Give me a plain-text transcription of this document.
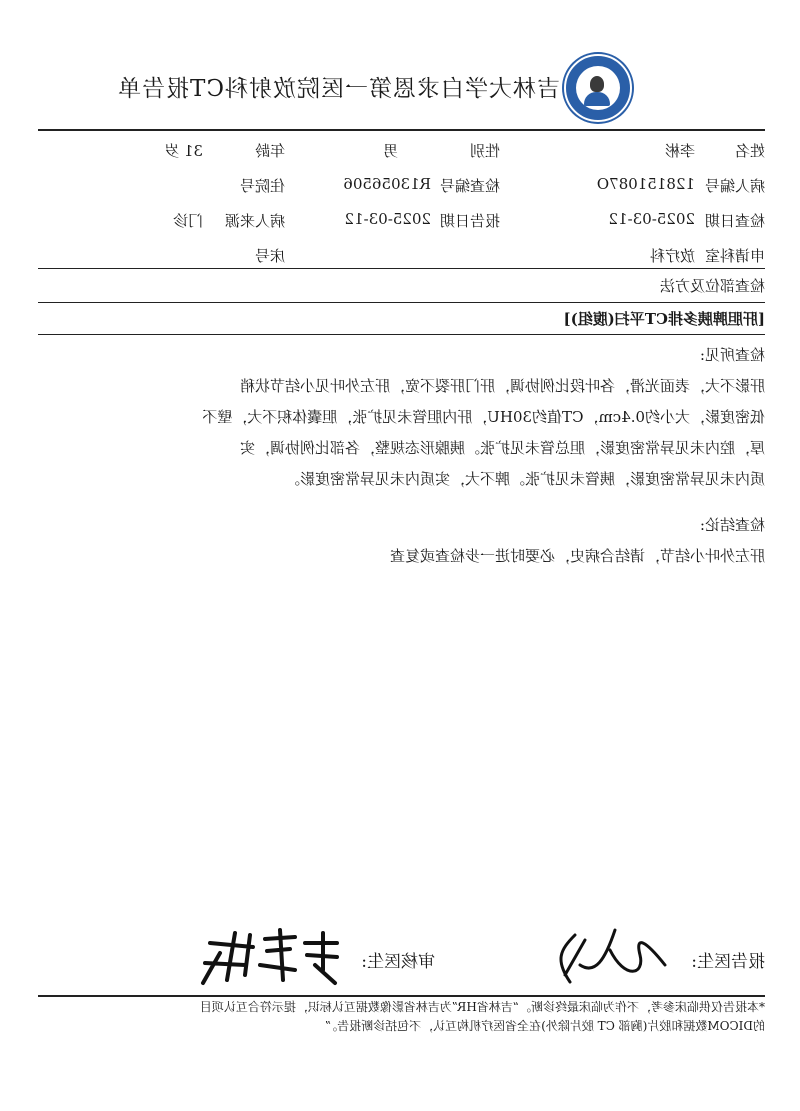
吉林大学白求恩第一医院放射科CT报告单
姓名
李彬
性别
男
年龄
31 岁
病人编号
128151087O
检查编号
R13056506
住院号
检查日期
2025-03-12
报告日期
2025-03-12
病人来源
门诊
申请科室
放疗科
床号
检查部位及方法
[肝胆脾胰多排CT平扫(腹组)]
检查所见:
肝影不大，表面光滑，各叶段比例协调，肝门肝裂不宽，肝左外叶见小结节状稍
低密度影，大小约0.4cm，CT值约30HU，肝内胆管未见扩张，胆囊体积不大，壁不
厚，腔内未见异常密度影，胆总管未见扩张。胰腺形态规整，各部比例协调，实
质内未见异常密度影，胰管未见扩张。脾不大，实质内未见异常密度影。
检查结论:
肝左外叶小结节，请结合病史，必要时进一步检查或复查
报告医生:
审核医生:
*本报告仅供临床参考，不作为临床最终诊断。“吉林省HR”为吉林省影像数据互认标识，提示符合互认项目
的DICOM数据和胶片(胸部 CT 胶片除外)在全省医疗机构互认，不包括诊断报告。”
